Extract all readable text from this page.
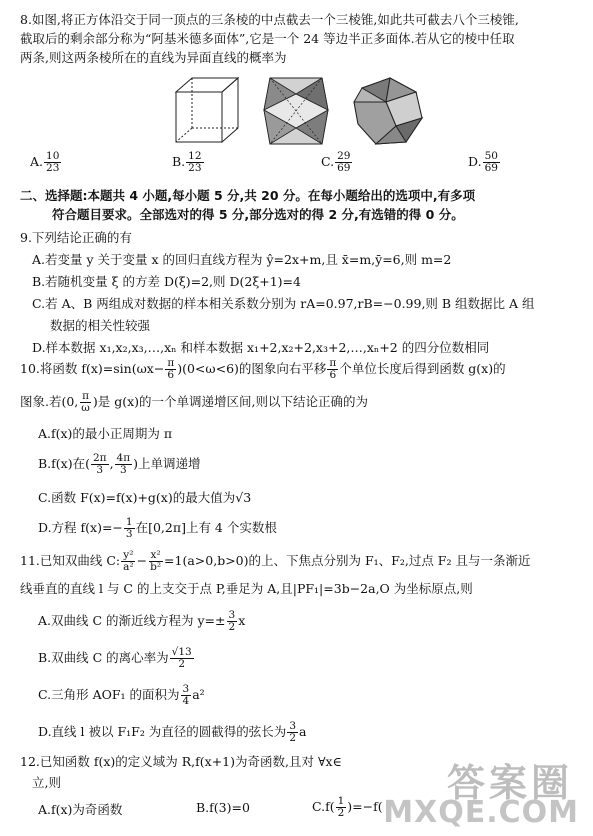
8.如图,将正方体沿交于同一顶点的三条棱的中点截去一个三棱锥,如此共可截去八个三棱锥,
截取后的剩余部分称为“阿基米德多面体”,它是一个 24 等边半正多面体.若从它的棱中任取
两条,则这两条棱所在的直线为异面直线的概率为
A. $\frac{10}{23}$	B. $\frac{12}{23}$	C. $\frac{29}{69}$	D. $\frac{50}{69}$
二、选择题:本题共 4 小题,每小题 5 分,共 20 分。在每小题给出的选项中,有多项
符合题目要求。全部选对的得 5 分,部分选对的得 2 分,有选错的得 0 分。
9.下列结论正确的有
A.若变量 y 关于变量 x 的回归直线方程为 ŷ=2x+m,且 x̄=m,ȳ=6,则 m=2
B.若随机变量 ξ 的方差 D(ξ)=2,则 D(2ξ+1)=4
C.若 A、B 两组成对数据的样本相关系数分别为 rA=0.97,rB=−0.99,则 B 组数据比 A 组
数据的相关性较强
D.样本数据 x₁,x₂,x₃,…,xₙ 和样本数据 x₁+2,x₂+2,x₃+2,…,xₙ+2 的四分位数相同
10.将函数 $f(x)=\sin(\omega x- \frac{\pi}{6} )(0<\omega<6)$的图象向右平移 $\frac{\pi}{6}$ 个单位长度后得到函数 g(x)的
图象.若(0, $\frac{\pi}{\omega}$ )是 g(x)的一个单调递增区间,则以下结论正确的为
A.f(x)的最小正周期为 π
B.f(x)在( $\frac{2\pi}{3}$ , $\frac{4\pi}{3}$ )上单调递增
C.函数 F(x)=f(x)+g(x)的最大值为√3
D.方程 $f(x)=- \frac{1}{3}$ 在[0,2π]上有 4 个实数根
11.已知双曲线 C: $\frac{\text{y²}}{\text{a²}} - \frac{\text{x²}}{\text{b²}} =1(a>0,b>0)$的上、下焦点分别为 F₁、F₂,过点 F₂ 且与一条渐近
线垂直的直线 l 与 C 的上支交于点 P,垂足为 A,且|PF₁|=3b−2a,O 为坐标原点,则
A.双曲线 C 的渐近线方程为 $y=\pm \frac{3}{2}$ x
B.双曲线 C 的离心率为 $\frac{√13}{2}$
C.三角形 AOF₁ 的面积为 $\frac{3}{4} a^2$
D.直线 l 被以 F₁F₂ 为直径的圆截得的弦长为 $\frac{3}{2}$ a
12.已知函数 f(x)的定义域为 R,f(x+1)为奇函数,且对 ∀x∈
立,则
A.f(x)为奇函数	B.f(3)=0	$C.f( \frac{1}{2} )=-f$(
答案圈
MXQE.COM
